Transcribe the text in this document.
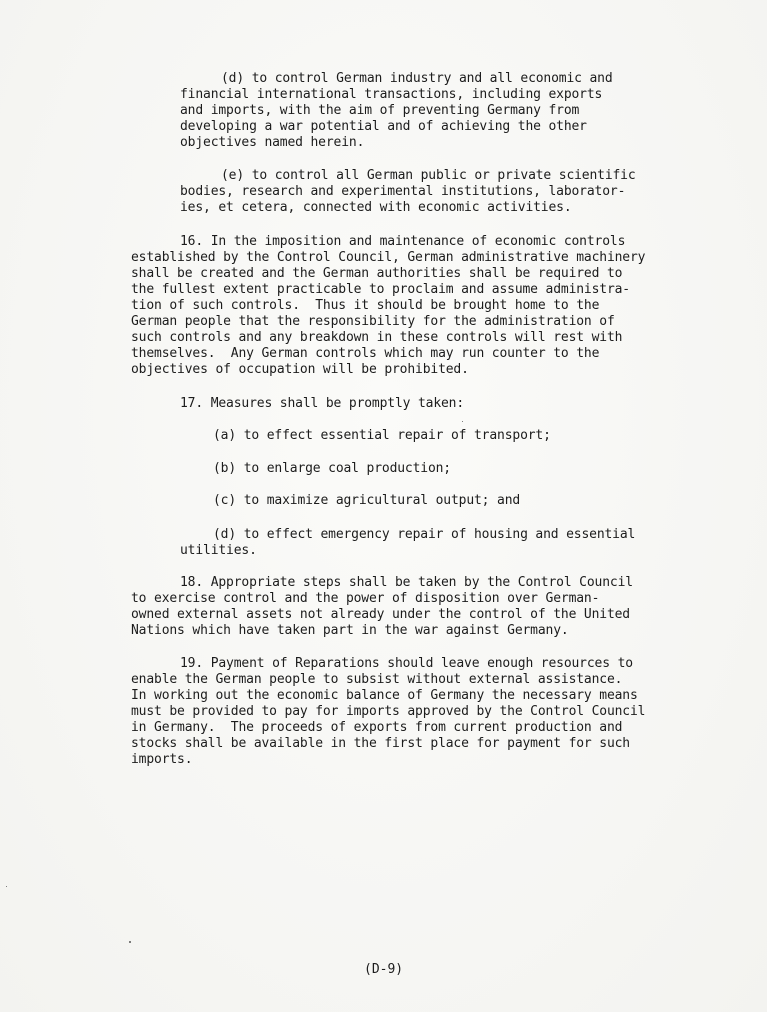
(d) to control German industry and all economic and
financial international transactions, including exports
and imports, with the aim of preventing Germany from
developing a war potential and of achieving the other
objectives named herein.
(e) to control all German public or private scientific
bodies, research and experimental institutions, laborator-
ies, et cetera, connected with economic activities.
16. In the imposition and maintenance of economic controls
established by the Control Council, German administrative machinery
shall be created and the German authorities shall be required to
the fullest extent practicable to proclaim and assume administra-
tion of such controls.  Thus it should be brought home to the
German people that the responsibility for the administration of
such controls and any breakdown in these controls will rest with
themselves.  Any German controls which may run counter to the
objectives of occupation will be prohibited.
17. Measures shall be promptly taken:
(a) to effect essential repair of transport;
(b) to enlarge coal production;
(c) to maximize agricultural output; and
(d) to effect emergency repair of housing and essential
utilities.
18. Appropriate steps shall be taken by the Control Council
to exercise control and the power of disposition over German-
owned external assets not already under the control of the United
Nations which have taken part in the war against Germany.
19. Payment of Reparations should leave enough resources to
enable the German people to subsist without external assistance.
In working out the economic balance of Germany the necessary means
must be provided to pay for imports approved by the Control Council
in Germany.  The proceeds of exports from current production and
stocks shall be available in the first place for payment for such
imports.
(D-9)
